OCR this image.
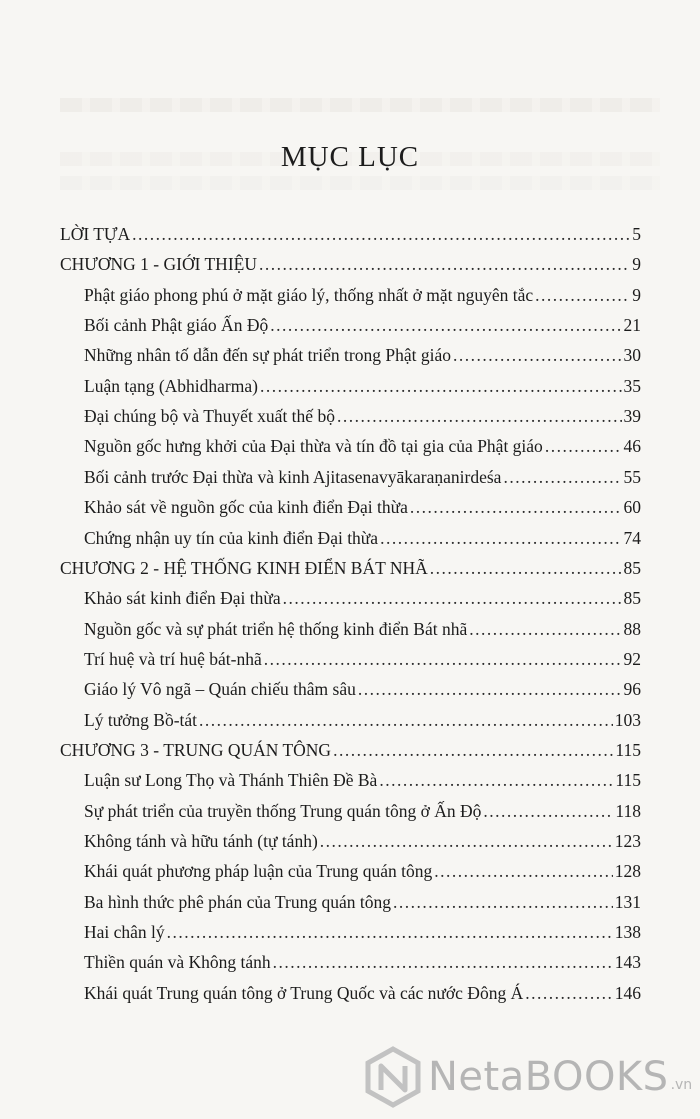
MỤC LỤC
LỜI TỰA .....	5
CHƯƠNG 1 - GIỚI THIỆU .....	9
Phật giáo phong phú ở mặt giáo lý, thống nhất ở mặt nguyên tắc .....	9
Bối cảnh Phật giáo Ấn Độ .....	21
Những nhân tố dẫn đến sự phát triển trong Phật giáo .....	30
Luận tạng (Abhidharma) .....	35
Đại chúng bộ và Thuyết xuất thế bộ .....	39
Nguồn gốc hưng khởi của Đại thừa và tín đồ tại gia của Phật giáo .....	46
Bối cảnh trước Đại thừa và kinh Ajitasenavyākaraṇanirdeśa .....	55
Khảo sát về nguồn gốc của kinh điển Đại thừa .....	60
Chứng nhận uy tín của kinh điển Đại thừa .....	74
CHƯƠNG 2 - HỆ THỐNG KINH ĐIỂN BÁT NHÃ .....	85
Khảo sát kinh điển Đại thừa .....	85
Nguồn gốc và sự phát triển hệ thống kinh điển Bát nhã .....	88
Trí huệ và trí huệ bát-nhã .....	92
Giáo lý Vô ngã – Quán chiếu thâm sâu .....	96
Lý tưởng Bồ-tát .....	103
CHƯƠNG 3 - TRUNG QUÁN TÔNG .....	115
Luận sư Long Thọ và Thánh Thiên Đề Bà .....	115
Sự phát triển của truyền thống Trung quán tông ở Ấn Độ .....	118
Không tánh và hữu tánh (tự tánh) .....	123
Khái quát phương pháp luận của Trung quán tông .....	128
Ba hình thức phê phán của Trung quán tông .....	131
Hai chân lý .....	138
Thiền quán và Không tánh .....	143
Khái quát Trung quán tông ở Trung Quốc và các nước Đông Á .....	146
NetaBOOKS .vn
